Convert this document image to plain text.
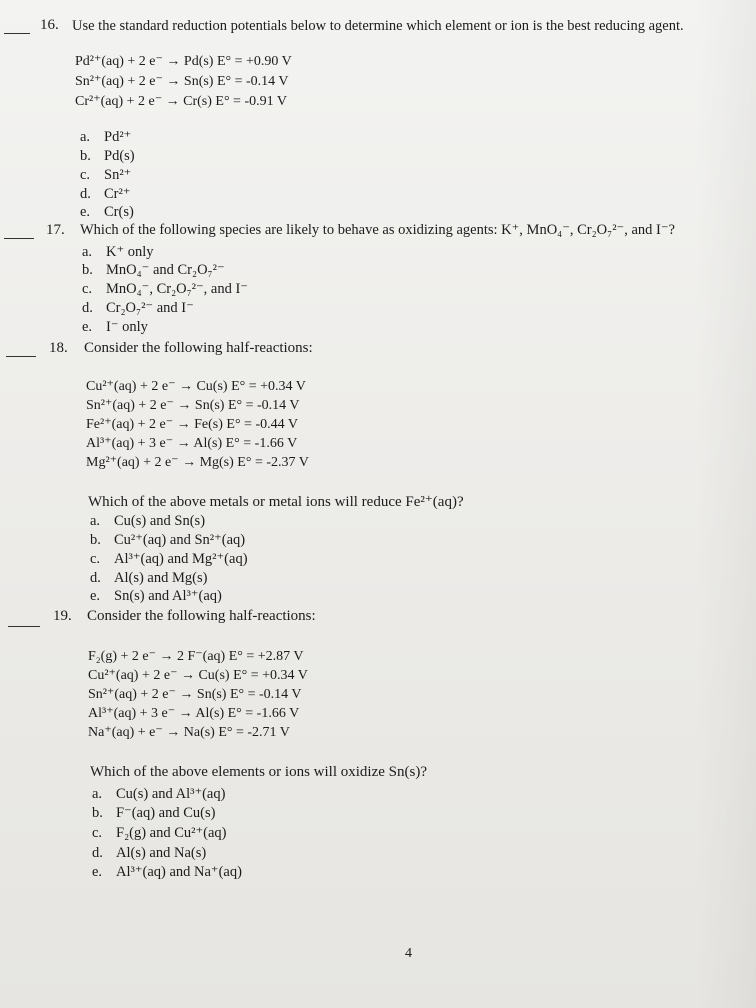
16. Use the standard reduction potentials below to determine which element or ion is the best reducing agent.
Pd²⁺(aq) + 2 e⁻ → Pd(s) E° = +0.90 V
Sn²⁺(aq) + 2 e⁻ → Sn(s) E° = -0.14 V
Cr²⁺(aq) + 2 e⁻ → Cr(s) E° = -0.91 V
a. Pd²⁺
b. Pd(s)
c. Sn²⁺
d. Cr²⁺
e. Cr(s)
17. Which of the following species are likely to behave as oxidizing agents: K⁺, MnO₄⁻, Cr₂O₇²⁻, and I⁻?
a. K⁺ only
b. MnO₄⁻ and Cr₂O₇²⁻
c. MnO₄⁻, Cr₂O₇²⁻, and I⁻
d. Cr₂O₇²⁻ and I⁻
e. I⁻ only
18. Consider the following half-reactions:
Cu²⁺(aq) + 2 e⁻ → Cu(s) E° = +0.34 V
Sn²⁺(aq) + 2 e⁻ → Sn(s) E° = -0.14 V
Fe²⁺(aq) + 2 e⁻ → Fe(s) E° = -0.44 V
Al³⁺(aq) + 3 e⁻ → Al(s) E° = -1.66 V
Mg²⁺(aq) + 2 e⁻ → Mg(s) E° = -2.37 V
Which of the above metals or metal ions will reduce Fe²⁺(aq)?
a. Cu(s) and Sn(s)
b. Cu²⁺(aq) and Sn²⁺(aq)
c. Al³⁺(aq) and Mg²⁺(aq)
d. Al(s) and Mg(s)
e. Sn(s) and Al³⁺(aq)
19. Consider the following half-reactions:
F₂(g) + 2 e⁻ → 2 F⁻(aq) E° = +2.87 V
Cu²⁺(aq) + 2 e⁻ → Cu(s) E° = +0.34 V
Sn²⁺(aq) + 2 e⁻ → Sn(s) E° = -0.14 V
Al³⁺(aq) + 3 e⁻ → Al(s) E° = -1.66 V
Na⁺(aq) + e⁻ → Na(s) E° = -2.71 V
Which of the above elements or ions will oxidize Sn(s)?
a. Cu(s) and Al³⁺(aq)
b. F⁻(aq) and Cu(s)
c. F₂(g) and Cu²⁺(aq)
d. Al(s) and Na(s)
e. Al³⁺(aq) and Na⁺(aq)
4
